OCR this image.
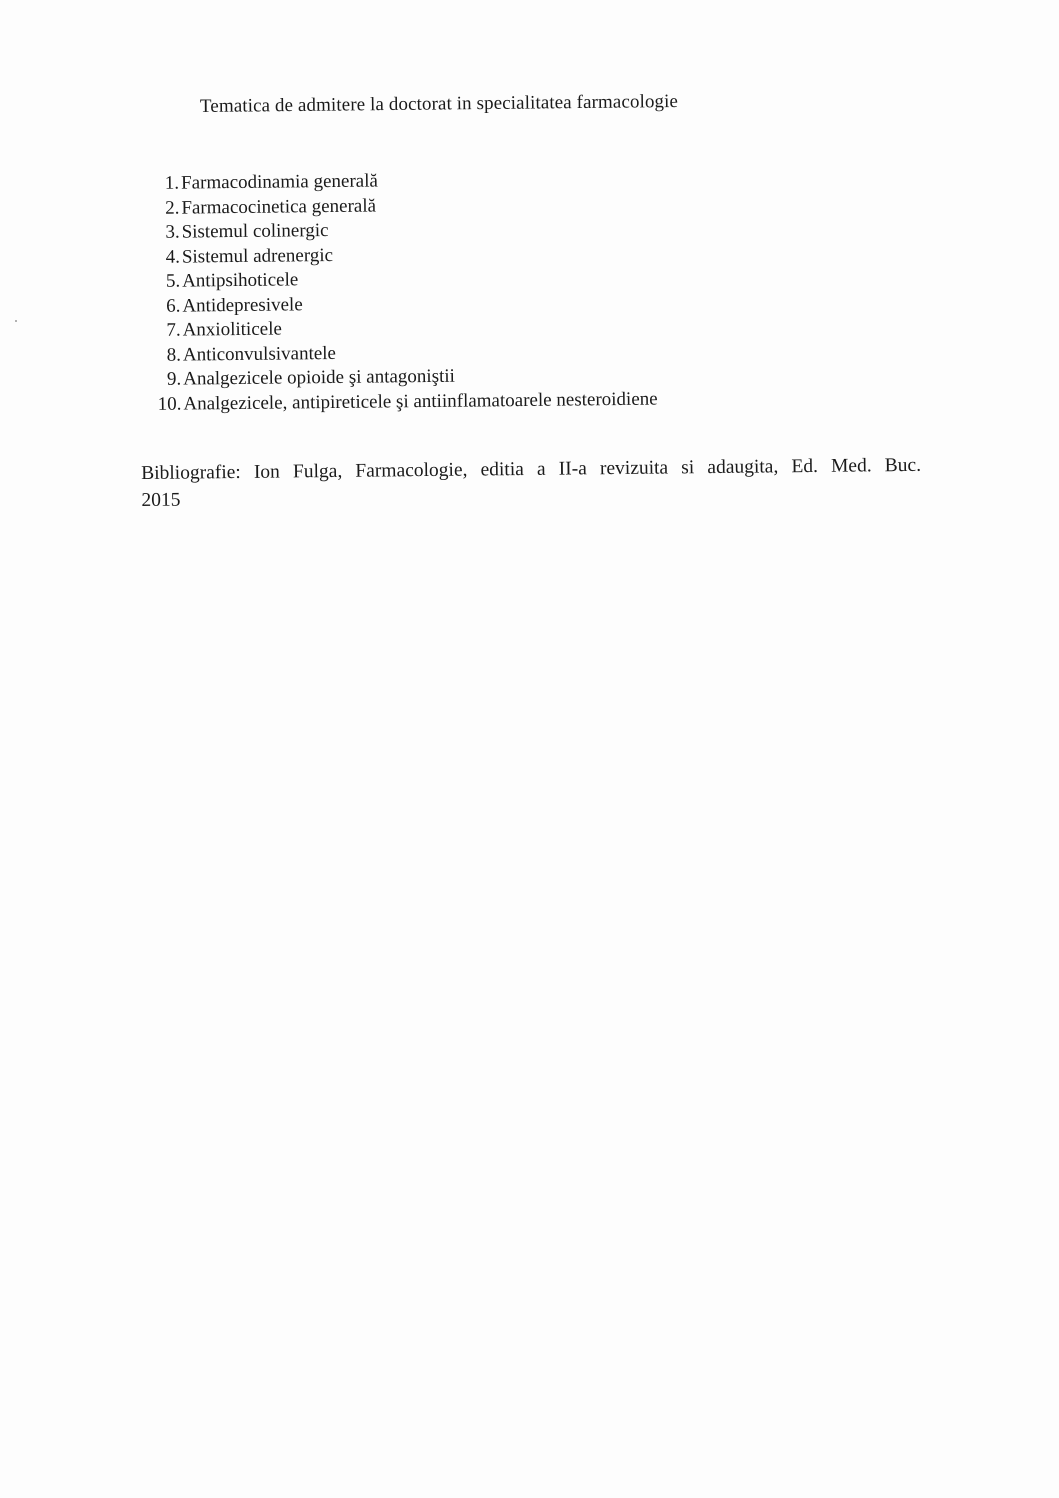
Tematica de admitere la doctorat in specialitatea farmacologie
1. Farmacodinamia generală
2. Farmacocinetica generală
3. Sistemul colinergic
4. Sistemul adrenergic
5. Antipsihoticele
6. Antidepresivele
7. Anxioliticele
8. Anticonvulsivantele
9. Analgezicele opioide şi antagoniştii
10. Analgezicele, antipireticele şi antiinflamatoarele nesteroidiene
Bibliografie: Ion Fulga, Farmacologie, editia a II-a revizuita si adaugita, Ed. Med. Buc.
2015
